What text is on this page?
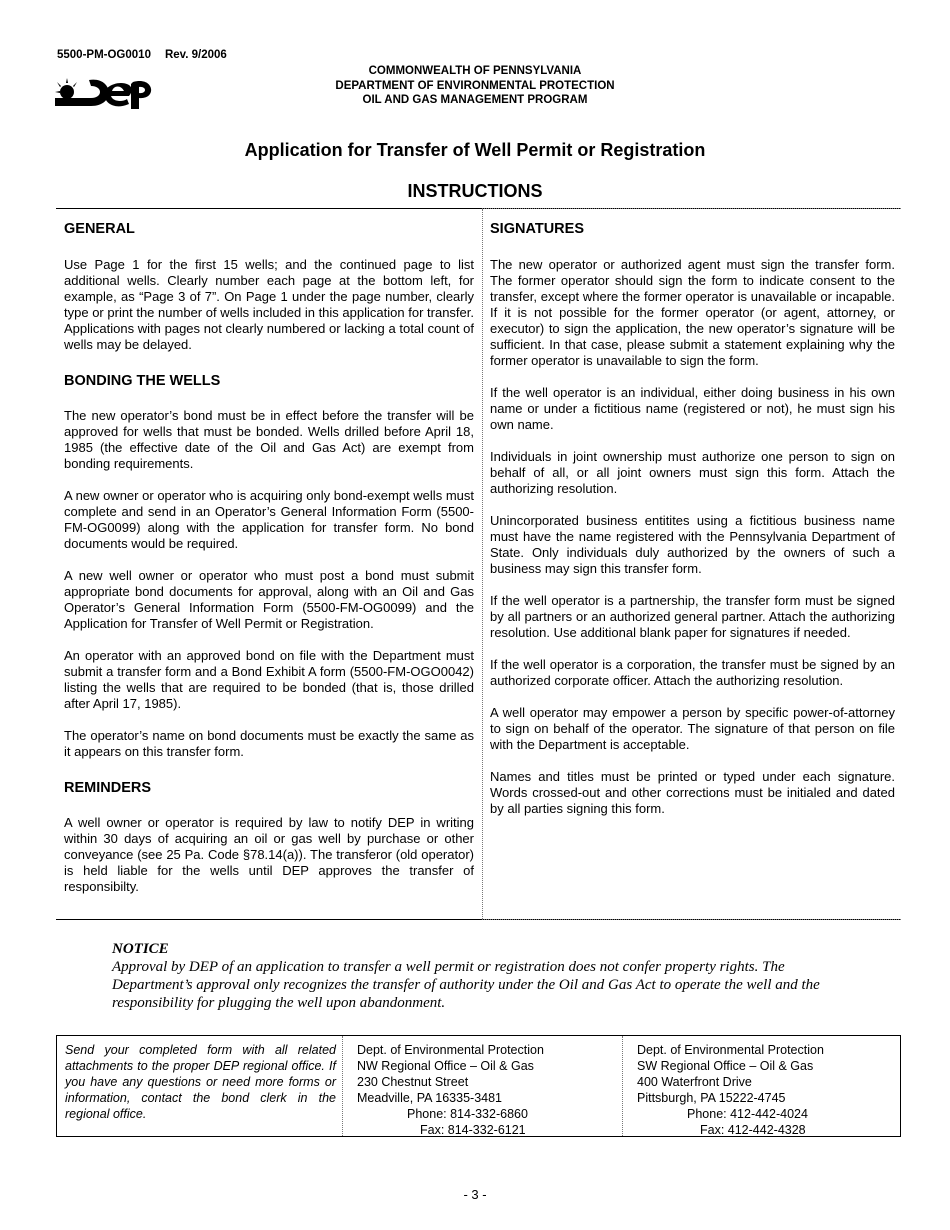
5500-PM-OG0010 Rev. 9/2006
DEP
COMMONWEALTH OF PENNSYLVANIA
DEPARTMENT OF ENVIRONMENTAL PROTECTION
OIL AND GAS MANAGEMENT PROGRAM
Application for Transfer of Well Permit or Registration
INSTRUCTIONS
GENERAL

Use Page 1 for the first 15 wells; and the continued page to list additional wells. Clearly number each page at the bottom left, for example, as “Page 3 of 7”. On Page 1 under the page number, clearly type or print the number of wells included in this application for transfer. Applications with pages not clearly numbered or lacking a total count of wells may be delayed.

BONDING THE WELLS

The new operator’s bond must be in effect before the transfer will be approved for wells that must be bonded. Wells drilled before April 18, 1985 (the effective date of the Oil and Gas Act) are exempt from bonding requirements.

A new owner or operator who is acquiring only bond-exempt wells must complete and send in an Operator’s General Information Form (5500-FM-OG0099) along with the application for transfer form. No bond documents would be required.

A new well owner or operator who must post a bond must submit appropriate bond documents for approval, along with an Oil and Gas Operator’s General Information Form (5500-FM-OG0099) and the Application for Transfer of Well Permit or Registration.

An operator with an approved bond on file with the Department must submit a transfer form and a Bond Exhibit A form (5500-FM-OGO0042) listing the wells that are required to be bonded (that is, those drilled after April 17, 1985).

The operator’s name on bond documents must be exactly the same as it appears on this transfer form.

REMINDERS

A well owner or operator is required by law to notify DEP in writing within 30 days of acquiring an oil or gas well by purchase or other conveyance (see 25 Pa. Code §78.14(a)). The transferor (old operator) is held liable for the wells until DEP approves the transfer of responsibilty.

SIGNATURES

The new operator or authorized agent must sign the transfer form. The former operator should sign the form to indicate consent to the transfer, except where the former operator is unavailable or incapable. If it is not possible for the former operator (or agent, attorney, or executor) to sign the application, the new operator’s signature will be sufficient. In that case, please submit a statement explaining why the former operator is unavailable to sign the form.

If the well operator is an individual, either doing business in his own name or under a fictitious name (registered or not), he must sign his own name.

Individuals in joint ownership must authorize one person to sign on behalf of all, or all joint owners must sign this form. Attach the authorizing resolution.

Unincorporated business entitites using a fictitious business name must have the name registered with the Pennsylvania Department of State. Only individuals duly authorized by the owners of such a business may sign this transfer form.

If the well operator is a partnership, the transfer form must be signed by all partners or an authorized general partner. Attach the authorizing resolution. Use additional blank paper for signatures if needed.

If the well operator is a corporation, the transfer must be signed by an authorized corporate officer. Attach the authorizing resolution.

A well operator may empower a person by specific power-of-attorney to sign on behalf of the operator. The signature of that person on file with the Department is acceptable.

Names and titles must be printed or typed under each signature. Words crossed-out and other corrections must be initialed and dated by all parties signing this form.

NOTICE
Approval by DEP of an application to transfer a well permit or registration does not confer property rights. The Department’s approval only recognizes the transfer of authority under the Oil and Gas Act to operate the well and the responsibility for plugging the well upon abandonment.
Send your completed form with all related attachments to the proper DEP regional office. If you have any questions or need more forms or information, contact the bond clerk in the regional office.
Dept. of Environmental Protection
NW Regional Office – Oil & Gas
230 Chestnut Street
Meadville, PA 16335-3481
Phone: 814-332-6860
Fax: 814-332-6121
Dept. of Environmental Protection
SW Regional Office – Oil & Gas
400 Waterfront Drive
Pittsburgh, PA 15222-4745
Phone: 412-442-4024
Fax: 412-442-4328
- 3 -
